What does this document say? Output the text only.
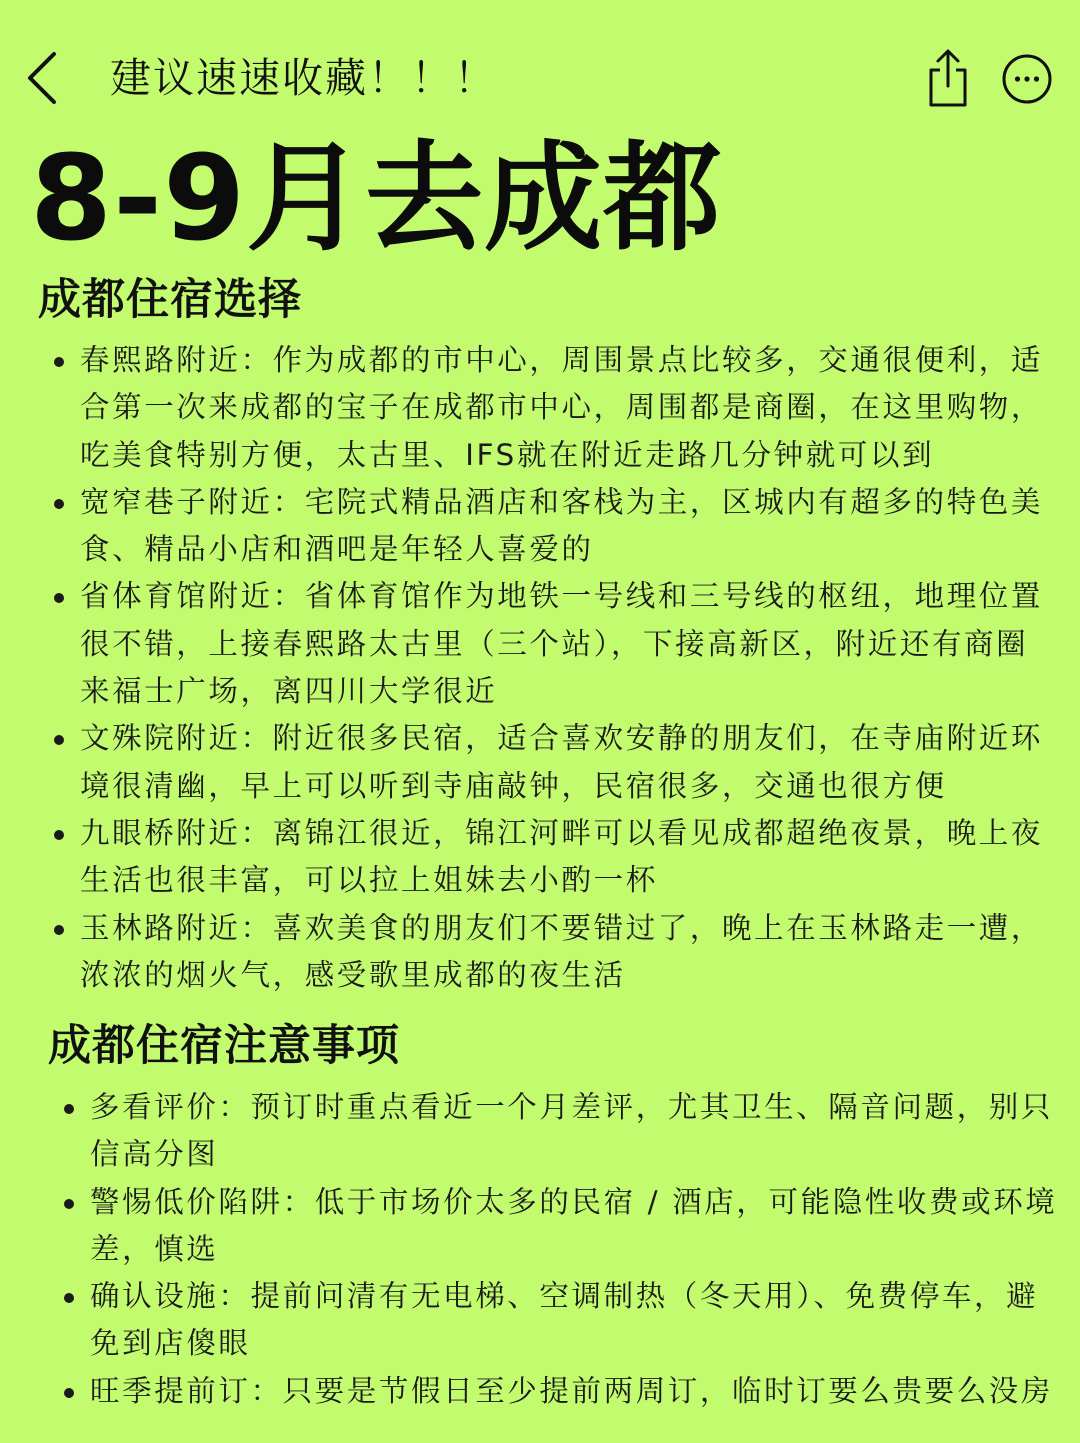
建议速速收藏！！！
8-9月去成都
成都住宿选择
春熙路附近：作为成都的市中心，周围景点比较多，交通很便利，适合第一次来成都的宝子在成都市中心，周围都是商圈，在这里购物，吃美食特别方便，太古里、IFS就在附近走路几分钟就可以到
宽窄巷子附近：宅院式精品酒店和客栈为主，区城内有超多的特色美食、精品小店和酒吧是年轻人喜爱的
省体育馆附近：省体育馆作为地铁一号线和三号线的枢纽，地理位置很不错，上接春熙路太古里（三个站），下接高新区，附近还有商圈来福士广场，离四川大学很近
文殊院附近：附近很多民宿，适合喜欢安静的朋友们，在寺庙附近环境很清幽，早上可以听到寺庙敲钟，民宿很多，交通也很方便
九眼桥附近：离锦江很近，锦江河畔可以看见成都超绝夜景，晚上夜生活也很丰富，可以拉上姐妹去小酌一杯
玉林路附近：喜欢美食的朋友们不要错过了，晚上在玉林路走一遭，浓浓的烟火气，感受歌里成都的夜生活
成都住宿注意事项
多看评价：预订时重点看近一个月差评，尤其卫生、隔音问题，别只信高分图
警惕低价陷阱：低于市场价太多的民宿 / 酒店，可能隐性收费或环境差，慎选
确认设施：提前问清有无电梯、空调制热（冬天用）、免费停车，避免到店傻眼
旺季提前订：只要是节假日至少提前两周订，临时订要么贵要么没房
